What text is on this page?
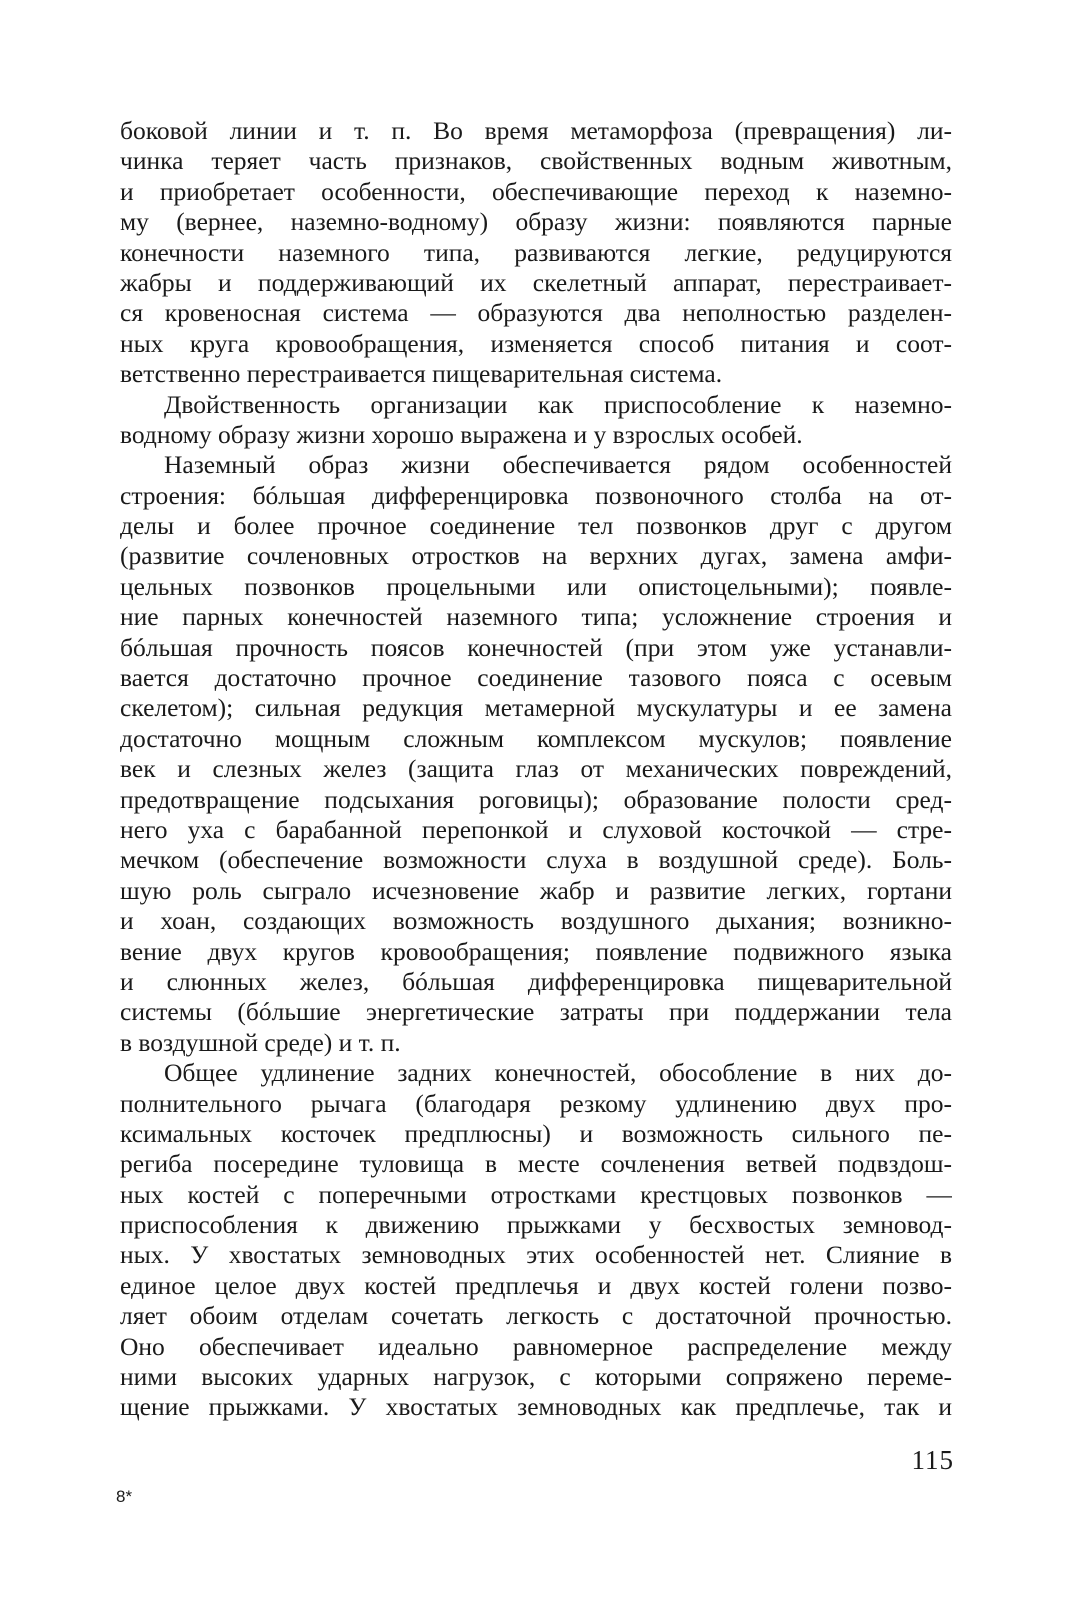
боковой линии и т. п. Во время метаморфоза (превращения) ли-
чинка теряет часть признаков, свойственных водным животным,
и приобретает особенности, обеспечивающие переход к наземно-
му (вернее, наземно-водному) образу жизни: появляются парные
конечности наземного типа, развиваются легкие, редуцируются
жабры и поддерживающий их скелетный аппарат, перестраивает-
ся кровеносная система — образуются два неполностью разделен-
ных круга кровообращения, изменяется способ питания и соот-
ветственно перестраивается пищеварительная система.
Двойственность организации как приспособление к наземно-
водному образу жизни хорошо выражена и у взрослых особей.
Наземный образ жизни обеспечивается рядом особенностей
строения: бóльшая дифференцировка позвоночного столба на от-
делы и более прочное соединение тел позвонков друг с другом
(развитие сочленовных отростков на верхних дугах, замена амфи-
цельных позвонков процельными или опистоцельными); появле-
ние парных конечностей наземного типа; усложнение строения и
бóльшая прочность поясов конечностей (при этом уже устанавли-
вается достаточно прочное соединение тазового пояса с осевым
скелетом); сильная редукция метамерной мускулатуры и ее замена
достаточно мощным сложным комплексом мускулов; появление
век и слезных желез (защита глаз от механических повреждений,
предотвращение подсыхания роговицы); образование полости сред-
него уха с барабанной перепонкой и слуховой косточкой — стре-
мечком (обеспечение возможности слуха в воздушной среде). Боль-
шую роль сыграло исчезновение жабр и развитие легких, гортани
и хоан, создающих возможность воздушного дыхания; возникно-
вение двух кругов кровообращения; появление подвижного языка
и слюнных желез, бóльшая дифференцировка пищеварительной
системы (бóльшие энергетические затраты при поддержании тела
в воздушной среде) и т. п.
Общее удлинение задних конечностей, обособление в них до-
полнительного рычага (благодаря резкому удлинению двух про-
ксимальных косточек предплюсны) и возможность сильного пе-
региба посередине туловища в месте сочленения ветвей подвздош-
ных костей с поперечными отростками крестцовых позвонков —
приспособления к движению прыжками у бесхвостых земновод-
ных. У хвостатых земноводных этих особенностей нет. Слияние в
единое целое двух костей предплечья и двух костей голени позво-
ляет обоим отделам сочетать легкость с достаточной прочностью.
Оно обеспечивает идеально равномерное распределение между
ними высоких ударных нагрузок, с которыми сопряжено переме-
щение прыжками. У хвостатых земноводных как предплечье, так и
115
8*
